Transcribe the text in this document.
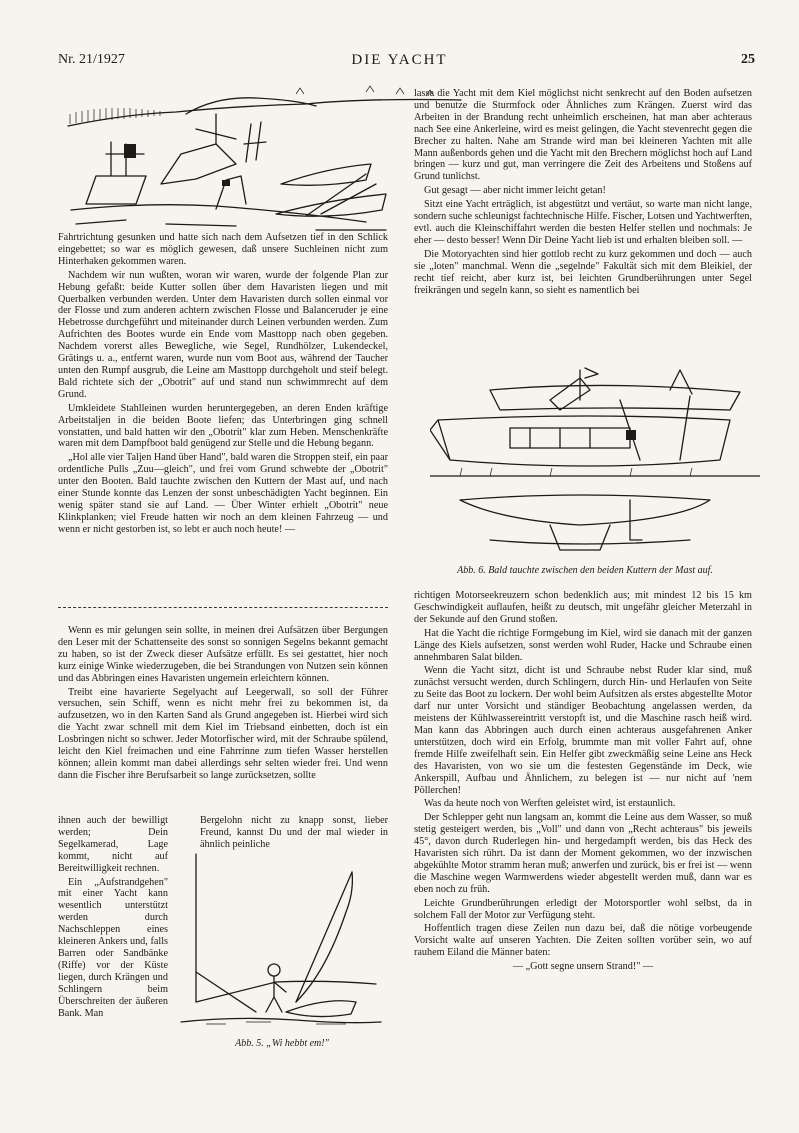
Nr. 21/1927	DIE YACHT	25

Fahrtrichtung gesunken und hatte sich nach dem Aufsetzen tief in den Schlick eingebettet; so war es möglich gewesen, daß unsere Suchleinen nicht zum Hinterhaken gekommen waren.

Nachdem wir nun wußten, woran wir waren, wurde der folgende Plan zur Hebung gefaßt: beide Kutter sollen über dem Havaristen liegen und mit Querbalken verbunden werden. Unter dem Havaristen durch sollen einmal vor der Flosse und zum anderen achtern zwischen Flosse und Balanceruder je eine Hebetrosse durchgeführt und miteinander durch Leinen verbunden werden. Zum Aufrichten des Bootes wurde ein Ende vom Masttopp nach oben gegeben. Nachdem vorerst alles Bewegliche, wie Segel, Rundhölzer, Lukendeckel, Grätings u. a., entfernt waren, wurde nun vom Boot aus, während der Taucher unten den Rumpf ausgrub, die Leine am Masttopp durchgeholt und steif belegt. Bald richtete sich der „Obotrit" auf und stand nun schwimmrecht auf dem Grund.

Umkleidete Stahlleinen wurden heruntergegeben, an deren Enden kräftige Arbeitstaljen in die beiden Boote liefen; das Unterbringen ging schnell vonstatten, und bald hatten wir den „Obotrit" klar zum Heben. Menschenkräfte waren mit dem Dampfboot bald genügend zur Stelle und die Hebung begann.

„Hol alle vier Taljen Hand über Hand", bald waren die Stroppen steif, ein paar ordentliche Pulls „Zuu—gleich", und frei vom Grund schwebte der „Obotrit" unter den Booten. Bald tauchte zwischen den Kuttern der Mast auf, und nach einer Stunde konnte das Lenzen der sonst unbeschädigten Yacht beginnen. Ein wenig später stand sie auf Land. — Über Winter erhielt „Obotrit" neue Klinkplanken; viel Freude hatten wir noch an dem kleinen Fahrzeug — und wenn er nicht gestorben ist, so lebt er auch noch heute! —

Wenn es mir gelungen sein sollte, in meinen drei Aufsätzen über Bergungen den Leser mit der Schattenseite des sonst so sonnigen Segelns bekannt gemacht zu haben, so ist der Zweck dieser Aufsätze erfüllt. Es sei gestattet, hier noch kurz einige Winke wiederzugeben, die bei Strandungen von Nutzen sein können und das Abbringen eines Havaristen ungemein erleichtern können.

Treibt eine havarierte Segelyacht auf Leegerwall, so soll der Führer versuchen, sein Schiff, wenn es nicht mehr frei zu bekommen ist, da aufzusetzen, wo in den Karten Sand als Grund angegeben ist. Hierbei wird sich die Yacht zwar schnell mit dem Kiel im Triebsand einbetten, doch ist ein Losbringen nicht so schwer. Jeder Motorfischer wird, mit der Schraube spülend, leicht den Kiel freimachen und eine Fahrrinne zum tiefen Wasser herstellen können; allein kommt man dabei allerdings sehr selten wieder frei. Und wenn dann die Fischer ihre Berufsarbeit so lange zurücksetzen, sollte

ihnen auch der bewilligt werden; Dein Segelkamerad, Lage kommt, nicht auf Bereitwilligkeit rechnen.

Ein „Aufstrandgehen" mit einer Yacht kann wesentlich unterstützt werden durch Nachschleppen eines kleineren Ankers und, falls Barren oder Sandbänke (Riffe) vor der Küste liegen, durch Krängen und Schlingern beim Überschreiten der äußeren Bank. Man

Bergelohn nicht zu knapp sonst, lieber Freund, kannst Du und der mal wieder in ähnlich peinliche

Abb. 5. „Wi hebbt em!"

lasse die Yacht mit dem Kiel möglichst nicht senkrecht auf den Boden aufsetzen und benutze die Sturmfock oder Ähnliches zum Krängen. Zuerst wird das Arbeiten in der Brandung recht unheimlich erscheinen, hat man aber achteraus nach See eine Ankerleine, wird es meist gelingen, die Yacht stevenrecht gegen die Brecher zu halten. Nahe am Strande wird man bei kleineren Yachten mit alle Mann außenbords gehen und die Yacht mit den Brechern möglichst hoch auf Land bringen — kurz und gut, man verringere die Zeit des Arbeitens und Stoßens auf Grund tunlichst.

Gut gesagt — aber nicht immer leicht getan!

Sitzt eine Yacht erträglich, ist abgestützt und vertäut, so warte man nicht lange, sondern suche schleunigst fachtechnische Hilfe. Fischer, Lotsen und Yachtwerften, evtl. auch die Kleinschiffahrt werden die besten Helfer stellen und nochmals: Je eher — desto besser! Wenn Dir Deine Yacht lieb ist und erhalten bleiben soll. —

Die Motoryachten sind hier gottlob recht zu kurz gekommen und doch — auch sie „loten" manchmal. Wenn die „segelnde" Fakultät sich mit dem Bleikiel, der recht tief reicht, aber kurz ist, bei leichten Grundberührungen unter Segel freikrängen und segeln kann, so sieht es namentlich bei

Abb. 6. Bald tauchte zwischen den beiden Kuttern der Mast auf.

richtigen Motorseekreuzern schon bedenklich aus; mit mindest 12 bis 15 km Geschwindigkeit auflaufen, heißt zu deutsch, mit ungefähr gleicher Meterzahl in der Sekunde auf den Grund stoßen.

Hat die Yacht die richtige Formgebung im Kiel, wird sie danach mit der ganzen Länge des Kiels aufsetzen, sonst werden wohl Ruder, Hacke und Schraube einen annehmbaren Salat bilden.

Wenn die Yacht sitzt, dicht ist und Schraube nebst Ruder klar sind, muß zunächst versucht werden, durch Schlingern, durch Hin- und Herlaufen von Seite zu Seite das Boot zu lockern. Der wohl beim Aufsitzen als erstes abgestellte Motor darf nur unter Vorsicht und ständiger Beobachtung angelassen werden, da meistens der Kühlwassereintritt verstopft ist, und die Maschine rasch heiß wird. Man kann das Abbringen auch durch einen achteraus ausgefahrenen Anker unterstützen, doch wird ein Erfolg, brummte man mit voller Fahrt auf, ohne fremde Hilfe zweifelhaft sein. Ein Helfer gibt zweckmäßig seine Leine ans Heck des Havaristen, von wo sie um die festesten Gegenstände im Deck, wie Ankerspill, Aufbau und Ähnlichem, zu belegen ist — nur nicht auf 'nem Pöllerchen!

Was da heute noch von Werften geleistet wird, ist erstaunlich.

Der Schlepper geht nun langsam an, kommt die Leine aus dem Wasser, so muß stetig gesteigert werden, bis „Voll" und dann von „Recht achteraus" bis jeweils 45°, davon durch Ruderlegen hin- und hergedampft werden, bis das Heck des Havaristen sich rührt. Da ist dann der Moment gekommen, wo der inzwischen abgekühlte Motor stramm heran muß; anwerfen und zurück, bis er frei ist — wenn die Maschine wegen Warmwerdens wieder abgestellt werden muß, dann war es eben noch zu früh.

Leichte Grundberührungen erledigt der Motorsportler wohl selbst, da in solchem Fall der Motor zur Verfügung steht.

Hoffentlich tragen diese Zeilen nun dazu bei, daß die nötige vorbeugende Vorsicht walte auf unseren Yachten. Die Zeiten sollten vorüber sein, wo auf rauhem Eiland die Männer baten:

— „Gott segne unsern Strand!" —
